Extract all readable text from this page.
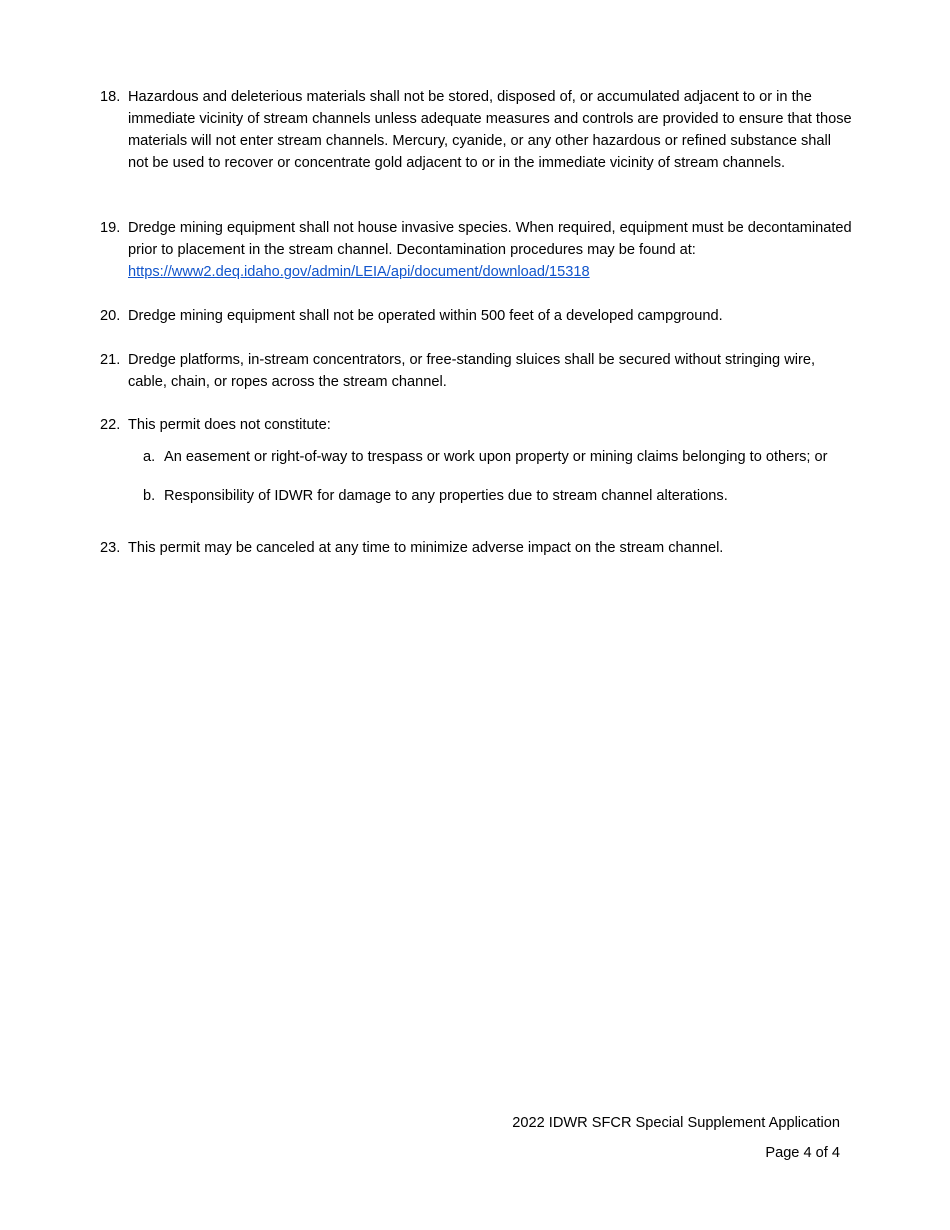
18. Hazardous and deleterious materials shall not be stored, disposed of, or accumulated adjacent to or in the immediate vicinity of stream channels unless adequate measures and controls are provided to ensure that those materials will not enter stream channels. Mercury, cyanide, or any other hazardous or refined substance shall not be used to recover or concentrate gold adjacent to or in the immediate vicinity of stream channels.
19. Dredge mining equipment shall not house invasive species. When required, equipment must be decontaminated prior to placement in the stream channel. Decontamination procedures may be found at:
https://www2.deq.idaho.gov/admin/LEIA/api/document/download/15318
20. Dredge mining equipment shall not be operated within 500 feet of a developed campground.
21. Dredge platforms, in-stream concentrators, or free-standing sluices shall be secured without stringing wire, cable, chain, or ropes across the stream channel.
22. This permit does not constitute:
a. An easement or right-of-way to trespass or work upon property or mining claims belonging to others; or
b. Responsibility of IDWR for damage to any properties due to stream channel alterations.
23. This permit may be canceled at any time to minimize adverse impact on the stream channel.
2022 IDWR SFCR Special Supplement Application
Page 4 of 4
